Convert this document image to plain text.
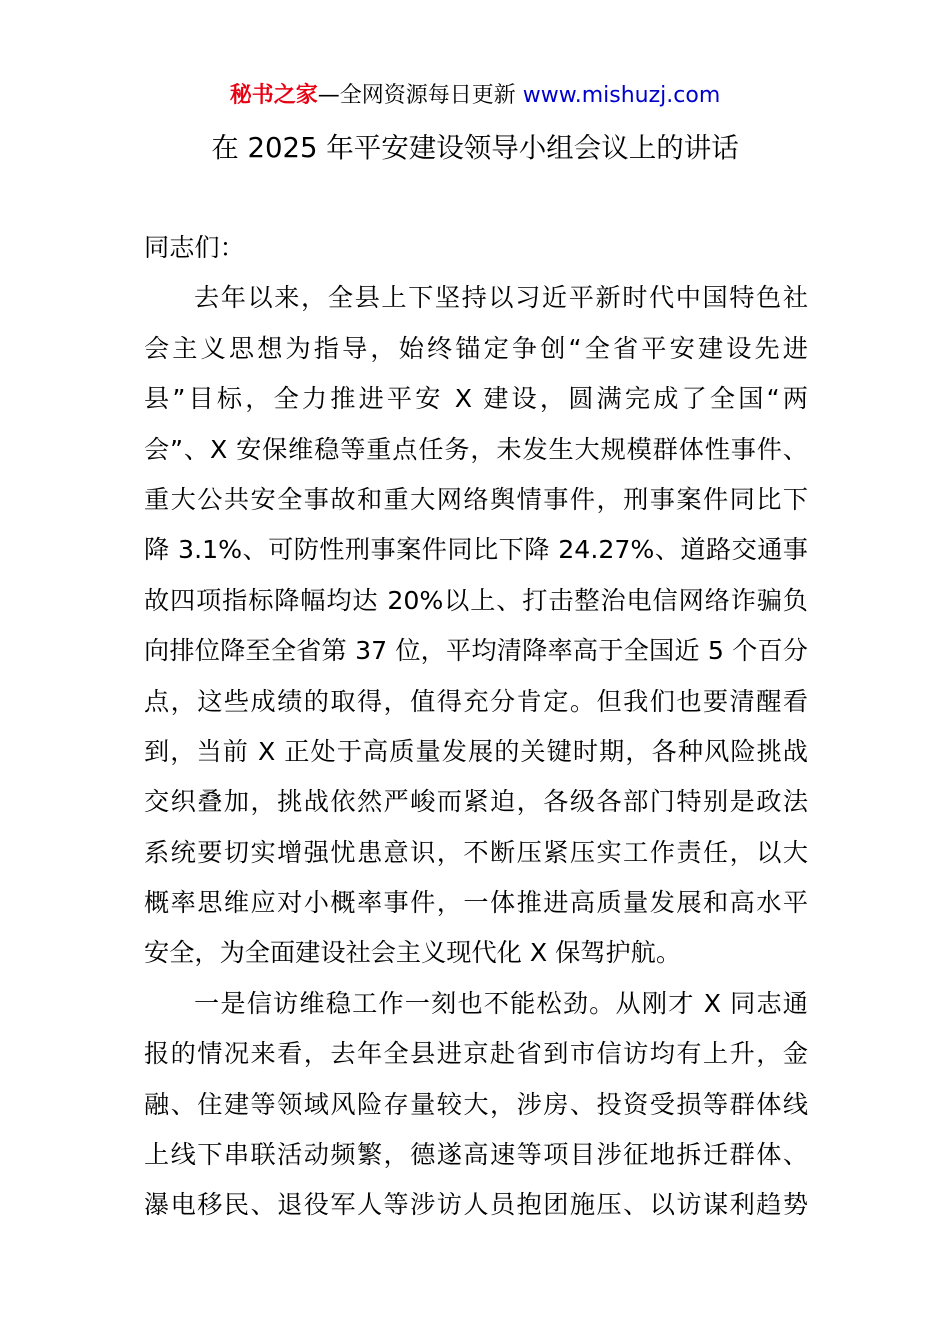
秘书之家—全网资源每日更新 www.mishuzj.com
在 2025 年平安建设领导小组会议上的讲话
同志们：
去年以来，全县上下坚持以习近平新时代中国特色社
会主义思想为指导，始终锚定争创“全省平安建设先进
县”目标，全力推进平安 X 建设，圆满完成了全国“两
会”、X 安保维稳等重点任务，未发生大规模群体性事件、
重大公共安全事故和重大网络舆情事件，刑事案件同比下
降 3.1%、可防性刑事案件同比下降 24.27%、道路交通事
故四项指标降幅均达 20%以上、打击整治电信网络诈骗负
向排位降至全省第 37 位，平均清降率高于全国近 5 个百分
点，这些成绩的取得，值得充分肯定。但我们也要清醒看
到，当前 X 正处于高质量发展的关键时期，各种风险挑战
交织叠加，挑战依然严峻而紧迫，各级各部门特别是政法
系统要切实增强忧患意识，不断压紧压实工作责任，以大
概率思维应对小概率事件，一体推进高质量发展和高水平
安全，为全面建设社会主义现代化 X 保驾护航。
一是信访维稳工作一刻也不能松劲。从刚才 X 同志通
报的情况来看，去年全县进京赴省到市信访均有上升，金
融、住建等领域风险存量较大，涉房、投资受损等群体线
上线下串联活动频繁，德遂高速等项目涉征地拆迁群体、
瀑电移民、退役军人等涉访人员抱团施压、以访谋利趋势
